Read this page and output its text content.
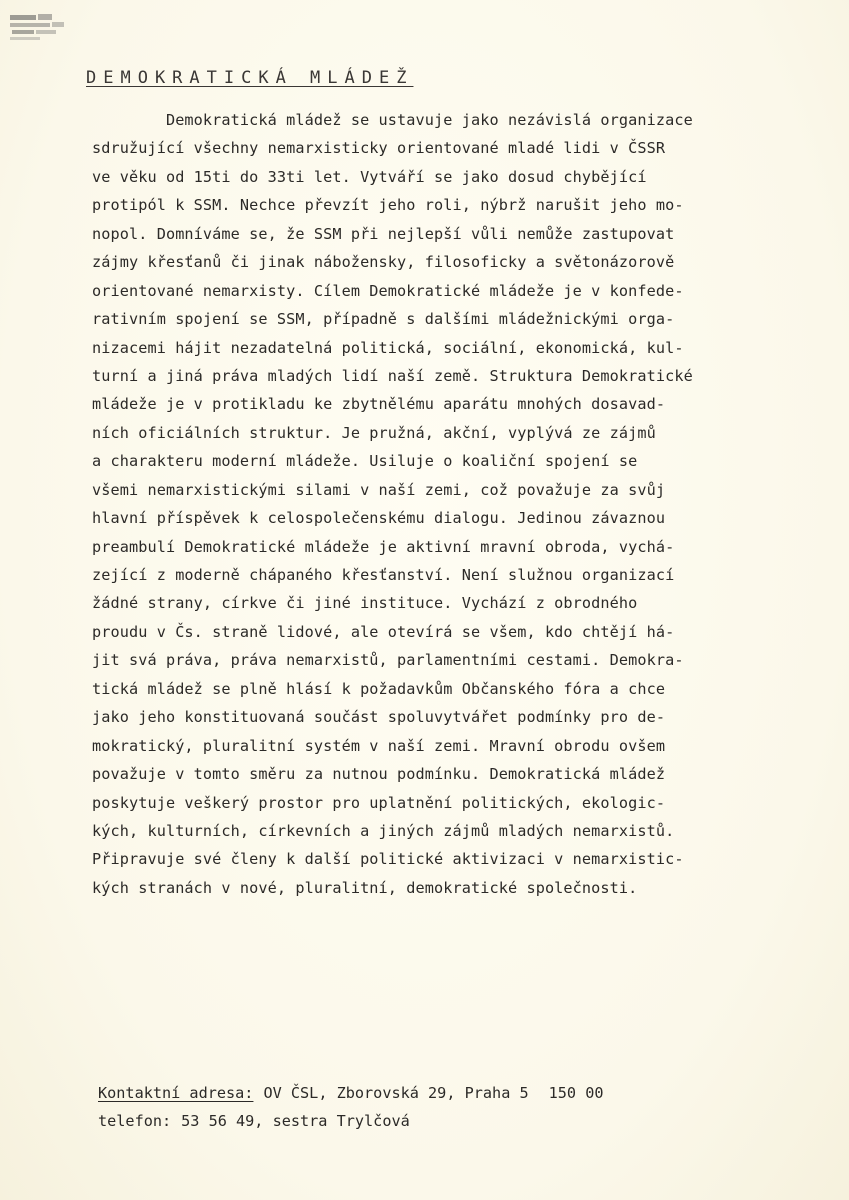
DEMOKRATICKÁ MLÁDEŽ
Demokratická mládež se ustavuje jako nezávislá organizace
sdružující všechny nemarxisticky orientované mladé lidi v ČSSR
ve věku od 15ti do 33ti let. Vytváří se jako dosud chybějící
protipól k SSM. Nechce převzít jeho roli, nýbrž narušit jeho mo-
nopol. Domníváme se, že SSM při nejlepší vůli nemůže zastupovat
zájmy křesťanů či jinak nábožensky, filosoficky a světonázorově
orientované nemarxisty. Cílem Demokratické mládeže je v konfede-
rativním spojení se SSM, případně s dalšími mládežnickými orga-
nizacemi hájit nezadatelná politická, sociální, ekonomická, kul-
turní a jiná práva mladých lidí naší země. Struktura Demokratické
mládeže je v protikladu ke zbytnělému aparátu mnohých dosavad-
ních oficiálních struktur. Je pružná, akční, vyplývá ze zájmů
a charakteru moderní mládeže. Usiluje o koaliční spojení se
všemi nemarxistickými silami v naší zemi, což považuje za svůj
hlavní příspěvek k celospolečenskému dialogu. Jedinou závaznou
preambulí Demokratické mládeže je aktivní mravní obroda, vychá-
zející z moderně chápaného křesťanství. Není služnou organizací
žádné strany, církve či jiné instituce. Vychází z obrodného
proudu v Čs. straně lidové, ale otevírá se všem, kdo chtějí há-
jit svá práva, práva nemarxistů, parlamentními cestami. Demokra-
tická mládež se plně hlásí k požadavkům Občanského fóra a chce
jako jeho konstituovaná součást spoluvytvářet podmínky pro de-
mokratický, pluralitní systém v naší zemi. Mravní obrodu ovšem
považuje v tomto směru za nutnou podmínku. Demokratická mládež
poskytuje veškerý prostor pro uplatnění politických, ekologic-
kých, kulturních, církevních a jiných zájmů mladých nemarxistů.
Připravuje své členy k další politické aktivizaci v nemarxistic-
kých stranách v nové, pluralitní, demokratické společnosti.
Kontaktní adresa: OV ČSL, Zborovská 29, Praha 5 150 00
telefon: 53 56 49, sestra Trylčová
